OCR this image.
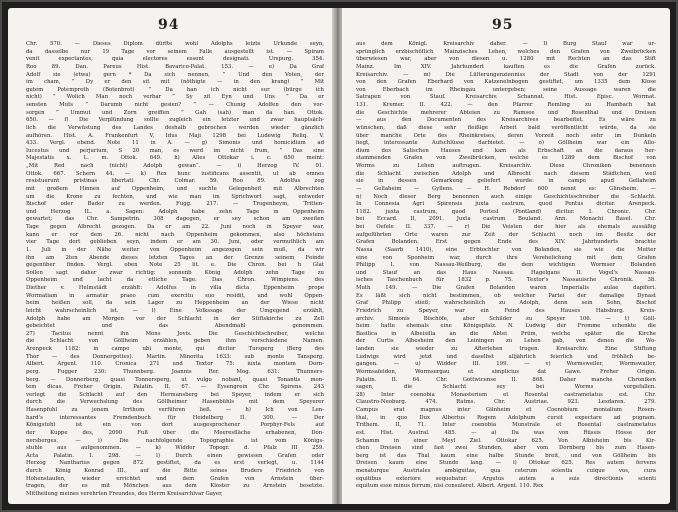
94
Chr. 570. — Dieses Diplom dürfte wohl Adolphs letzte Urkunde seyn,
da dasselbe nur 19 Tage vor seinem Falle ausgestellt ist. — Spiram
venit expectantes, quia electores essent designati. Urspurg. 354.
Roo 89. Dan. Pareus Hist. Bavarico-Palat. 153. — e) Da Graf
Adolf sie (etwa) gern * Da sich nennen, ” Und den Voten, der
im cham, ” Dy er den sit mit (nöthigte — in den krang) ” Mit
gutem Potempreth (Botenbrot) ” Da han ich nicht sur (bürge ich
nicht) ” Wolich Man noch verbar ” Sy zit Eyn und Uns ” Da er
sensten Muts ” Darumb nicht gesien? ” — Chunig Adolfen den vor-
sorgen ” Ummut und Zorn greiffen ” Gah (sah) man da han. Ottok.
650. — f) Die Verplündung sollte zugleich ein letzter und zwar hauptsäch-
lich die Verwüstung des Landes deshalb gebrochen werden wieder gänzlich
aufhören. Hist. A. Frankenfurt V, Idus Maji 1298 bei Ludewig Reliq. V.
433. Vergl. ebend. Note 11 in A. — g) Simonis und homicidium ad
Iucestus und perjurium, S 20 man, es werd im nicht frum, ” Das sine
Majestatis x. L. m. Ottok. 649. h) Alles Ottokar i. c. 650 meint:
„Mit Red nach (nicht) Adolph gewan“. — i) Herzog IV. 91.
Ottok. 667. Schern 44. — k) Rex hunc iustificans assentit, ut ab omnes
resistuerunt pristinas libertati. Chr. Colmar. 59. Roo 89. Adolfus zog
mit großem Hinnen auf Oppenheim, und suchte Gelegenheit mit Albrechten
um die Krone zu fechten, und wie man im Sprichwort sagt, entweder
Bischof oder Bader zu werden. Fugg. 217. — Trugenheym, Tritten-
und Herzog IL. a. Sagen: Adolph habe zehn Tage in Oppenheim
gewartet; das Chr. Sampetrin. 308 dagegen, er sey schon am zweiten
Tage gegen Albrecht gezogen. Da er am 22. Juni noch in Speyer war,
kann er vor dem 26. nicht nach Oppenheim gekommen, also höchstens
vier Tage dort geblieben seyn, indem er am 30. Juni, oder vermuthlich am
1. Juli in der Nähe weiter von Oppenheim angezogen sein muß, da wir
ihn am 2ten Abende dieses letzten Tages an der Grenze seinem Feinde
gegenüber finden. Vergl. oben Note 25 lit. e. Die Chron. bei h Glat
Sollen sagt daher zwar richtig: sonnenb König Adolph zehn Tage zu
Oppenheim und lacht da etliche Tage. Das Chron. Wimpiens. des
Diether v. Helmstädt erzählt: Adolfus in villa dicta Eppenheim prope
Wormatiam in armatur praeo cum exercitu suo residit, und wohl Oppen-
heim heißen soll, da sein Lager zu Heppenheim an der Wiese nicht
leicht wahrscheinlich ist. — l) Eine Volkssage der Umgegend erzählt,
Adolph habe am Morgen vor der Schlacht in der Stiftskirche zu Zell
gebeichtet und das Abendmahl genommen.
27) Tacitus nennt ihn Mons Jovis. Die Geschichtschreiber, welche
die Schlacht von Göllheim erzählen, geben ihm verschiedene Namen.
Arenpeck 1182: in campo ubi monte, qui dicitur Tursperg (Berg des
Thor — des Donnergottes). Martin. Minorita 1633: sub monte Tansperg.
Albert. Argent. 110. Cronica 271 und Textor 75: iuxta montem Dorn-
perg. Fugger 230: Thunnberg. Joannis Rer. Mog. 631: Thunners-
berg. — Donnerberg, quasi Tonnersperg, ut vulgo nobant, quasi Tonantis mon-
tem dicas. Freher Origin. Palatin. II. 67. — Eysengrein Chr. Spirens. 243
verlegt die Schlacht auf den Hermansberg bei Speyer, indem er sich
durch die Verwechslung des Göllheimer Hasenbühls mit dem Speyerer
Hasenpfuhl zu jenem Irrthum verführen ließ. — h) Ich von Len-
hard's interessantes Fremdenbuch für Heidelberg II. 300. — Der
Königstuhl ist ein von dort ausgesprochener Porphyr-Fels auf
der Kuppe des, 2090 Fuß über die Meeresfläche erhabenen, Don-
nersberges. — i) Die nachfolgende Topographie ist vom Königs-
stuhle aus aufgenommen. — k) Widder Topogr. d. Pfalz III 259.
Acta Palatin. I. 298. — l) Durch einen gewissen Grafen oder
Herzog Nantharius gegen 872 gestiftet, da es erst verlegt, u. 1144
durch König Konrad III., auf die Bitte seines Bruders Friedrich von
Hohenstaufen, wieder errichtet und dem Grafen von Arnstein über-
tragen, der es mit Mönchen aus dem Kloster zu Arnstein besetzte.
Mittheilung meines verehrten Freundes, des Herrn Kreisarchivar Gayer,
95
aus dem Königl. Kreisarchiv daher. — l) Burg Stauf war ur-
sprünglich erzbischöflich Mainzisches Lehen, welches den Grafen von Zweibrücken
überwiesen war, aber von diesen u. 1280 mit Rechten an das Stift
Mainz. Im XIV. Jahrhundert kauften es die Grafen zurück.
Kreisarchiv. — m) Die Lülterungenzienniss der Stadt von der 1291
von den Grafen Eberhard von Katzenelnbogen gestiftet, um 1335 dem Klose
von Eberbach im Rheingau untergeben; seine Aussage waren die
Satrapen von Stauf. Kreisarchiv. Schannat. Hist. Episc. Wormat.
131. Kremer. II. 422. — den Pfarrer Remling zu Hambach hat
die Geschichte mehrerer Abteien zu Ramsee und Rosenthal und Dreisen
— aus den Documenten des Kreisarchives bearbeitet. Es wäre zu
wünschen, daß diese sehr fleißige Arbeit bald veröffentlicht würde, da sie
über manche Orte des Rheinkreises, deren Vorzeit noch sehr im Dunkeln
liegt, interessante Aufschlüsse darbietet. — o) Göllheim war ein Allo-
dium des Salischen Hauses und kam als Erbschaft an die daraus her-
stammenden Grafen von Zweibrücken, welche es 1289 dem Bischof von
Worms zu Lehen auftrugen. Kreisarchiv. Diese Chroniken benennen
die Schlacht zwischen Adolph und Albrecht nach diesem Städtchen, weil
sie in dessen Gemarkung geliefert wurde: in campo apud Gellaheim
— Gellaheim — Gyllens. — H. Rebdorf 600 nennt es: Glinsheim. —
n) Noch dieser Berg benennen auch einige Geschichtsschreiber die Schlacht.
In Connesia Agri Spirensis juxta castrum, quod Pontus dicitur. Arenpeck.
1182. juxta castrum, quod Portesl (Pontland) dicitur. I. Chronic. Chr.
bei Eccard. II, 2091. Juxta castrum Bouland. Ann. Monachi Basel. Chr.
bei Oefele II. 337. — r) Die Veisten der hier als ehemals aussäßig
aufgeführten Orte waren zur Zeit der Schlacht noch im Besitz der
Grafen Bolanden. Erst gegen Ende des XIV. Jahrhunderts brachte
Nassa (Saarb 1410), eine Erbtochter von Bolanden, sie wie die Mutter
eine von Sponheim war, durch ihre Verehelichung mit dem Grafen
Philipp I. von Nassau-Weilburg, die dem wichtigen Wormser Bolanden
und Stauf an das Haus Nassau. Hagelgans II. Vogel's Nassau-
isches Taschenbuch für 1832 p. 75. Textor's Nassauische Chronik. 38.
Muth 149. — Die Grafen Bolanden waren Imperialis aulae dapiferi.
Es läßt sich nicht bestimmen, ob welcher Partei der damalige Dynast
Graf Philipp stieß; wahrscheinlich zu Adolph, denn sein Sohn, Bischof
Friedrich zu Speyer, war ein Feind des Hauses Habsburg. Kreis-
archiv. Simonis Bischöfe, aber Schilder zu Speyer 106. — t) Göll-
heim hatte ehemals eine Königspfalz. N. Ludwig der Fromme schenkte die
Basilica in Albeisilla an die Abtei Prüm, welche später die Kirche
der Curtis Albesheim den Leiningen zu Lehen gab, von denen die Wo-
landen sie wieder zu Afterlehen trugen. Kreisarchiv. Eine Stiftung
Ludwigs wird jetzt und daselbst alljährlich feierlich und fröhlich be-
gangen. — u) Widder III. 199. — v) Wormsweiler, Wormswailer,
Wormsafeldon, Wormsergau et simplicius dat Gawe. Freher Origin.
Palatin. II. 64. Chr. Gottwicense II. 868. Daher manche Chroniken
sagen, die Schlacht sey bei Worms vorgefallen.
28) Inter coenobia Monasterium et Rosental castrametatus est. Chr.
Claustro-Neoburg. 474. Ratms. Chr. Austriae. 923. Lesdaren. 279.
Campus erat magnus inter Gilnheim et Coenobium monialium Rosen-
thal, in quo Dux Albertus Rogem Adolphum cursit expectare ad pugnam.
Trithem. II, 71. Inter coenobia Munstrale et Rosental castrametatus
est. Hist. Austral. 485. — a) Da was von Rüssis Hosse der
Schamm in einer Meyl Ziel. Ottokar 625. Von Albisheim bis Kir-
chen Dreisen sind fast zwei Stunden, aber vom Dornberg bis zum Hasen-
berg ist das Thal kaum eine halbe Stunde breit, und von Göllheim bis
Dreisen kaum eine Stunde lang. — i) Ottokar 625. Res autem fervens
menaturque Austriales ambiguitas, qua ceterum scientia cuique vos, cura
equitibus exteriore sequebatur. Argutus autem a suis directionis scienti
equitum esse minus ferrum, nisi consuleret. Albert. Argent. 110. Rex
